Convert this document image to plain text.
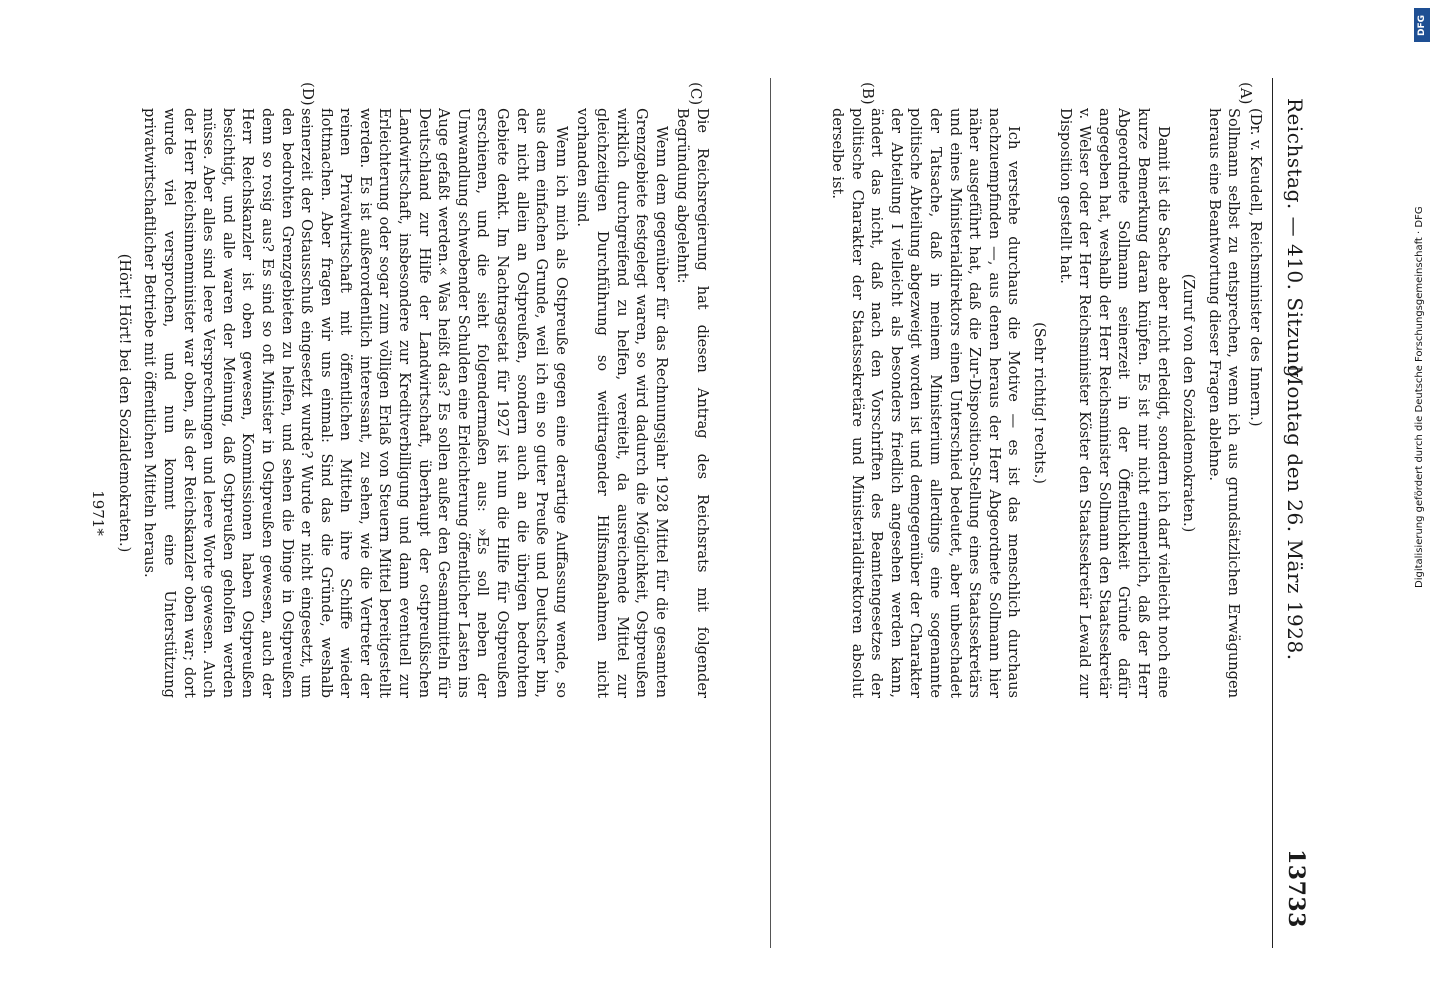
Reichstag. — 410. Sitzung.
Montag den 26. März 1928.
13733
(A)
(B)
(C)
(D)

(Dr. v. Keudell, Reichsminister des Innern.)

Sollmann selbst zu entsprechen, wenn ich aus grundsätzlichen Erwägungen heraus eine Beantwortung dieser Fragen ablehne.

(Zuruf von den Sozialdemokraten.)

Damit ist die Sache aber nicht erledigt, sondern ich darf vielleicht noch eine kurze Bemerkung daran knüpfen. Es ist mir nicht erinnerlich, daß der Herr Abgeordnete Sollmann seinerzeit in der Öffentlichkeit Gründe dafür angegeben hat, weshalb der Herr Reichsminister Sollmann den Staatssekretär v. Welser oder der Herr Reichsminister Köster den Staatssekretär Lewald zur Disposition gestellt hat.

(Sehr richtig! rechts.)

Ich verstehe durchaus die Motive — es ist das menschlich durchaus nachzuempfinden —, aus denen heraus der Herr Abgeordnete Sollmann hier näher ausgeführt hat, daß die Zur-Disposition-Stellung eines Staatssekretärs und eines Ministerialdirektors einen Unterschied bedeutet, aber unbeschadet der Tatsache, daß in meinem Ministerium allerdings eine sogenannte politische Abteilung abgezweigt worden ist und demgegenüber der Charakter der Abteilung I vielleicht als besonders friedlich angesehen werden kann, ändert das nicht, daß nach den Vorschriften des Beamtengesetzes der politische Charakter der Staatssekretäre und Ministerialdirektoren absolut derselbe ist.

Die Reichsregierung hat diesen Antrag des Reichsrats mit folgender Begründung abgelehnt:

Wenn dem gegenüber für das Rechnungsjahr 1928 Mittel für die gesamten Grenzgebiete festgelegt waren, so wird dadurch die Möglichkeit, Ostpreußen wirklich durchgreifend zu helfen, vereitelt, da ausreichende Mittel zur gleichzeitigen Durchführung so weittragender Hilfsmaßnahmen nicht vorhanden sind.

Wenn ich mich als Ostpreuße gegen eine derartige Auffassung wende, so aus dem einfachen Grunde, weil ich ein so guter Preuße und Deutscher bin, der nicht allein an Ostpreußen, sondern auch an die übrigen bedrohten Gebiete denkt. Im Nachtragsetat für 1927 ist nun die Hilfe für Ostpreußen erschienen, und die sieht folgendermaßen aus: »Es soll neben der Umwandlung schwebender Schulden eine Erleichterung öffentlicher Lasten ins Auge gefaßt werden.« Was heißt das? Es sollen außer den Gesamtmitteln für Deutschland zur Hilfe der Landwirtschaft, überhaupt der ostpreußischen Landwirtschaft, insbesondere zur Kreditverbilligung und dann eventuell zur Erleichterung oder sogar zum völligen Erlaß von Steuern Mittel bereitgestellt werden. Es ist außerordentlich interessant, zu sehen, wie die Vertreter der reinen Privatwirtschaft mit öffentlichen Mitteln ihre Schiffe wieder flottmachen. Aber fragen wir uns einmal: Sind das die Gründe, weshalb seinerzeit der Ostausschuß eingesetzt wurde? Wurde er nicht eingesetzt, um den bedrohten Grenzgebieten zu helfen, und sehen die Dinge in Ostpreußen denn so rosig aus? Es sind so oft Minister in Ostpreußen gewesen, auch der Herr Reichskanzler ist oben gewesen, Kommissionen haben Ostpreußen besichtigt, und alle waren der Meinung, daß Ostpreußen geholfen werden müsse. Aber alles sind leere Versprechungen und leere Worte gewesen. Auch der Herr Reichsinnenminister war oben, als der Reichskanzler oben war; dort wurde viel versprochen, und nun kommt eine Unterstützung privatwirtschaftlicher Betriebe mit öffentlichen Mitteln heraus.

(Hört! Hört! bei den Sozialdemokraten.)

1971*
DFG
Digitalisierung gefördert durch die Deutsche Forschungsgemeinschaft · DFG
